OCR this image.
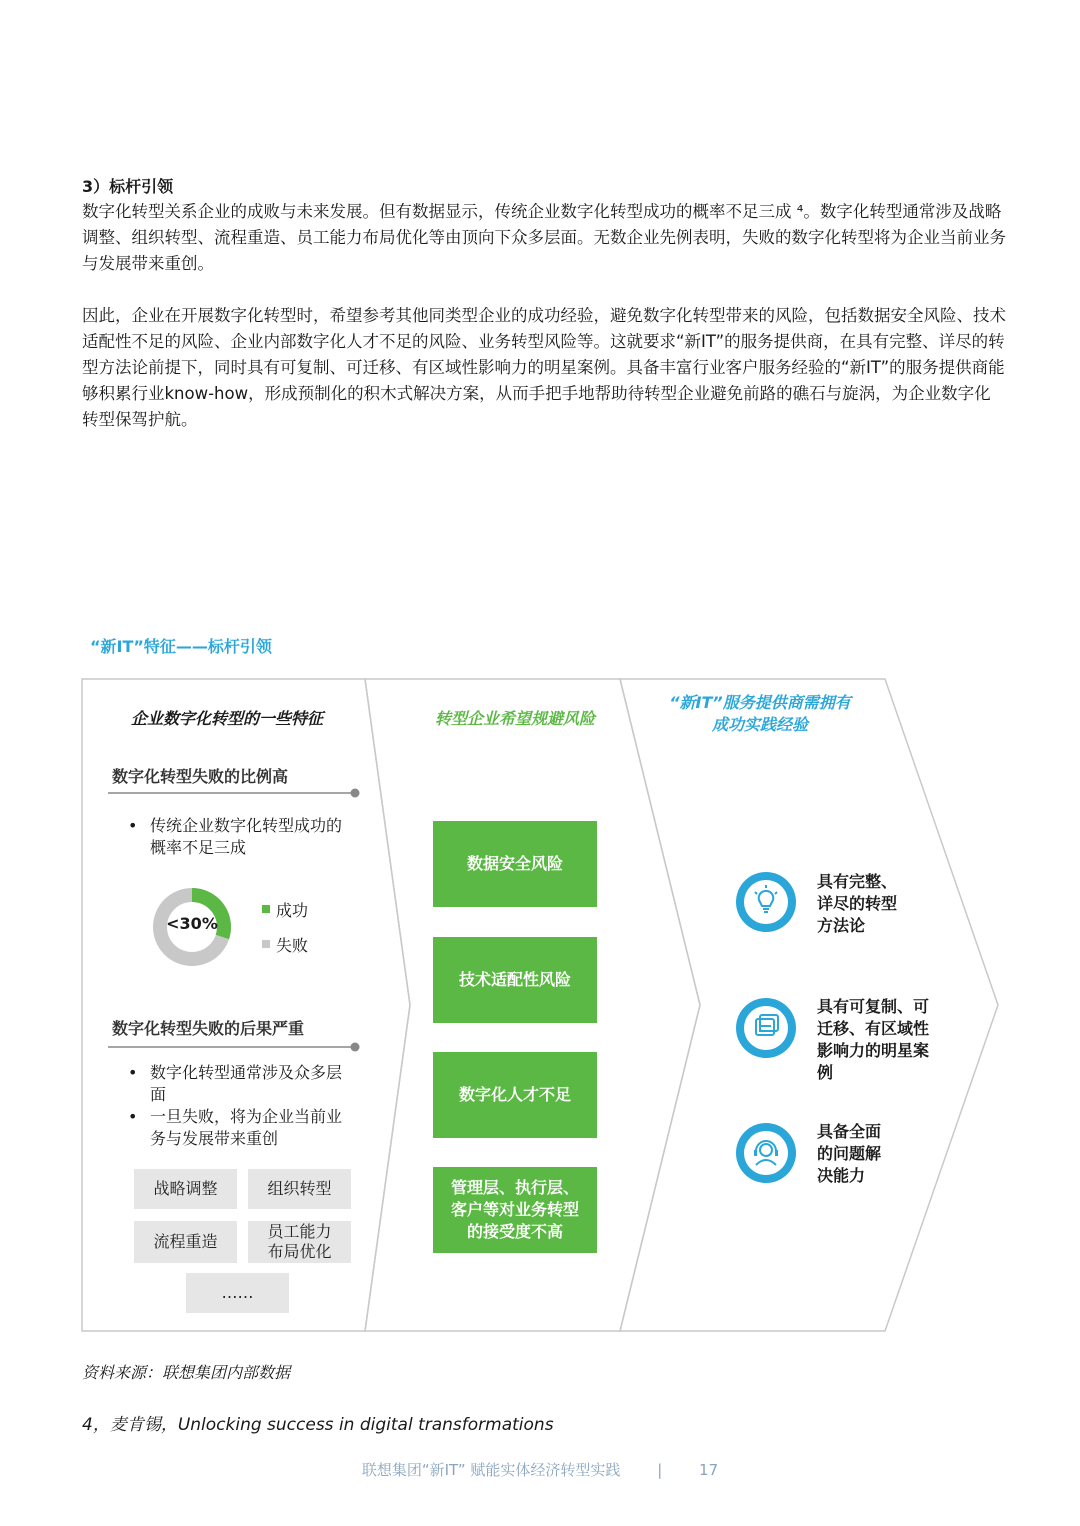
3）标杆引领

数字化转型关系企业的成败与未来发展。但有数据显示，传统企业数字化转型成功的概率不足三成 ⁴。数字化转型通常涉及战略调整、组织转型、流程重造、员工能力布局优化等由顶向下众多层面。无数企业先例表明，失败的数字化转型将为企业当前业务与发展带来重创。

因此，企业在开展数字化转型时，希望参考其他同类型企业的成功经验，避免数字化转型带来的风险，包括数据安全风险、技术适配性不足的风险、企业内部数字化人才不足的风险、业务转型风险等。这就要求“新IT”的服务提供商，在具有完整、详尽的转型方法论前提下，同时具有可复制、可迁移、有区域性影响力的明星案例。具备丰富行业客户服务经验的“新IT”的服务提供商能够积累行业know-how，形成预制化的积木式解决方案，从而手把手地帮助待转型企业避免前路的礁石与旋涡，为企业数字化转型保驾护航。

“新IT”特征——标杆引领
企业数字化转型的一些特征	转型企业希望规避风险
“新IT”服务提供商需拥有
成功实践经验
数字化转型失败的比例高
• 传统企业数字化转型成功的概率不足三成
<30%
成功
失败
数字化转型失败的后果严重
• 数字化转型通常涉及众多层面
• 一旦失败，将为企业当前业务与发展带来重创
战略调整	组织转型
流程重造
员工能力布局优化
……
数据安全风险
技术适配性风险
数字化人才不足
管理层、执行层、客户等对业务转型的接受度不高
具有完整、详尽的转型方法论
具有可复制、可迁移、有区域性影响力的明星案例
具备全面的问题解决能力
资料来源：联想集团内部数据
4，麦肯锡，Unlocking success in digital transformations
联想集团“新IT” 赋能实体经济转型实践 | 17
